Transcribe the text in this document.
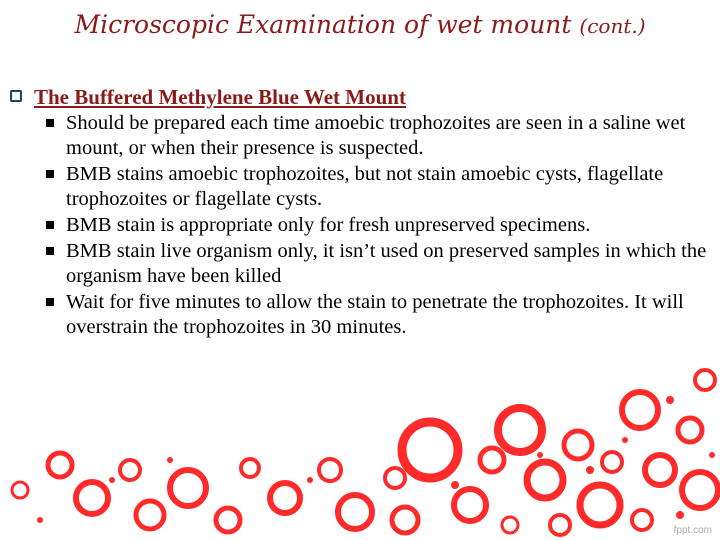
Microscopic Examination of wet mount (cont.)
The Buffered Methylene Blue Wet Mount
Should be prepared each time amoebic trophozoites are seen in a saline wet mount, or when their presence is suspected.
BMB stains amoebic trophozoites, but not stain amoebic cysts, flagellate trophozoites or flagellate cysts.
BMB stain is appropriate only for fresh unpreserved specimens.
BMB stain live organism only, it isn’t used on preserved samples in which the organism have been killed
Wait for five minutes to allow the stain to penetrate the trophozoites. It will overstrain the trophozoites in 30 minutes.
fppt.com
